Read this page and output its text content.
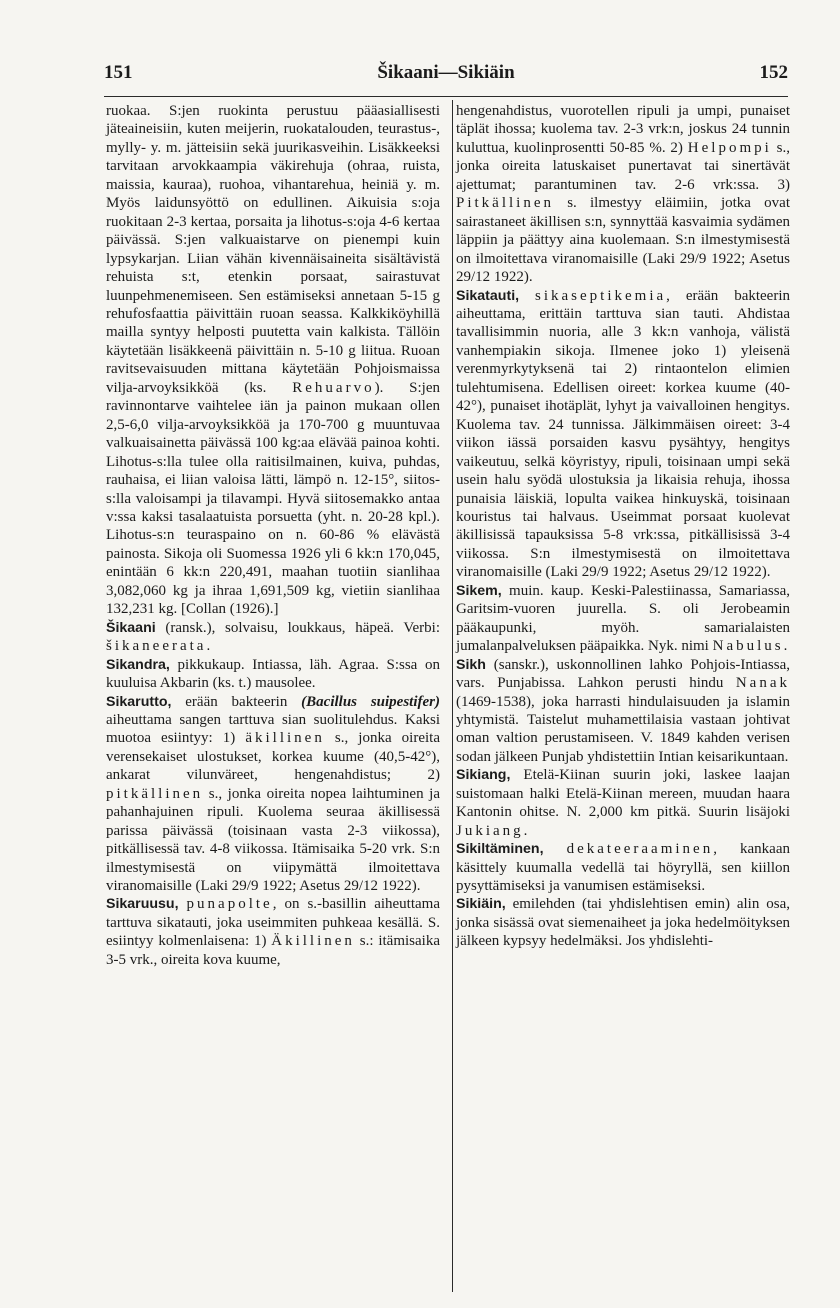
151	Šikaani—Sikiäin	152

ruokaa. S:jen ruokinta perustuu pääasiallisesti jäteaineisiin, kuten meijerin, ruokatalouden, teurastus-, mylly- y. m. jätteisiin sekä juurikasveihin. Lisäkkeeksi tarvitaan arvokkaampia väkirehuja (ohraa, ruista, maissia, kauraa), ruohoa, vihantarehua, heiniä y. m. Myös laidunsyöttö on edullinen. Aikuisia s:oja ruokitaan 2-3 kertaa, porsaita ja lihotus-s:oja 4-6 kertaa päivässä. S:jen valkuaistarve on pienempi kuin lypsykarjan. Liian vähän kivennäisaineita sisältävistä rehuista s:t, etenkin porsaat, sairastuvat luunpehmenemiseen. Sen estämiseksi annetaan 5-15 g rehufosfaattia päivittäin ruoan seassa. Kalkkiköyhillä mailla syntyy helposti puutetta vain kalkista. Tällöin käytetään lisäkkeenä päivittäin n. 5-10 g liitua. Ruoan ravitsevaisuuden mittana käytetään Pohjoismaissa vilja-arvoyksikköä (ks. Rehuarvo). S:jen ravinnontarve vaihtelee iän ja painon mukaan ollen 2,5-6,0 vilja-arvoyksikköä ja 170-700 g muuntuvaa valkuaisainetta päivässä 100 kg:aa elävää painoa kohti. Lihotus-s:lla tulee olla raitisilmainen, kuiva, puhdas, rauhaisa, ei liian valoisa lätti, lämpö n. 12-15°, siitos-s:lla valoisampi ja tilavampi. Hyvä siitosemakko antaa v:ssa kaksi tasalaatuista porsuetta (yht. n. 20-28 kpl.). Lihotus-s:n teuraspaino on n. 60-86 % elävästä painosta. Sikoja oli Suomessa 1926 yli 6 kk:n 170,045, enintään 6 kk:n 220,491, maahan tuotiin sianlihaa 3,082,060 kg ja ihraa 1,691,509 kg, vietiin sianlihaa 132,231 kg. [Collan (1926).]

Šikaani (ransk.), solvaisu, loukkaus, häpeä. Verbi: šikaneerata.

Sikandra, pikkukaup. Intiassa, läh. Agraa. S:ssa on kuuluisa Akbarin (ks. t.) mausolee.

Sikarutto, erään bakteerin (Bacillus suipestifer) aiheuttama sangen tarttuva sian suolitulehdus. Kaksi muotoa esiintyy: 1) äkillinen s., jonka oireita verensekaiset ulostukset, korkea kuume (40,5-42°), ankarat vilunväreet, hengenahdistus; 2) pitkällinen s., jonka oireita nopea laihtuminen ja pahanhajuinen ripuli. Kuolema seuraa äkillisessä parissa päivässä (toisinaan vasta 2-3 viikossa), pitkällisessä tav. 4-8 viikossa. Itämisaika 5-20 vrk. S:n ilmestymisestä on viipymättä ilmoitettava viranomaisille (Laki 29/9 1922; Asetus 29/12 1922).

Sikaruusu, punapolte, on s.-basillin aiheuttama tarttuva sikatauti, joka useimmiten puhkeaa kesällä. S. esiintyy kolmenlaisena: 1) Äkillinen s.: itämisaika 3-5 vrk., oireita kova kuume,

hengenahdistus, vuorotellen ripuli ja umpi, punaiset täplät ihossa; kuolema tav. 2-3 vrk:n, joskus 24 tunnin kuluttua, kuolinprosentti 50-85 %. 2) Helpompi s., jonka oireita latuskaiset punertavat tai sinertävät ajettumat; parantuminen tav. 2-6 vrk:ssa. 3) Pitkällinen s. ilmestyy eläimiin, jotka ovat sairastaneet äkillisen s:n, synnyttää kasvaimia sydämen läppiin ja päättyy aina kuolemaan. S:n ilmestymisestä on ilmoitettava viranomaisille (Laki 29/9 1922; Asetus 29/12 1922).

Sikatauti, sikaseptikemia, erään bakteerin aiheuttama, erittäin tarttuva sian tauti. Ahdistaa tavallisimmin nuoria, alle 3 kk:n vanhoja, välistä vanhempiakin sikoja. Ilmenee joko 1) yleisenä verenmyrkytyksenä tai 2) rintaontelon elimien tulehtumisena. Edellisen oireet: korkea kuume (40-42°), punaiset ihotäplät, lyhyt ja vaivalloinen hengitys. Kuolema tav. 24 tunnissa. Jälkimmäisen oireet: 3-4 viikon iässä porsaiden kasvu pysähtyy, hengitys vaikeutuu, selkä köyristyy, ripuli, toisinaan umpi sekä usein halu syödä ulostuksia ja likaisia rehuja, ihossa punaisia läiskiä, lopulta vaikea hinkuyskä, toisinaan kouristus tai halvaus. Useimmat porsaat kuolevat äkillisissä tapauksissa 5-8 vrk:ssa, pitkällisissä 3-4 viikossa. S:n ilmestymisestä on ilmoitettava viranomaisille (Laki 29/9 1922; Asetus 29/12 1922).

Sikem, muin. kaup. Keski-Palestiinassa, Samariassa, Garitsim-vuoren juurella. S. oli Jerobeamin pääkaupunki, myöh. samarialaisten jumalanpalveluksen pääpaikka. Nyk. nimi Nabulus.

Sikh (sanskr.), uskonnollinen lahko Pohjois-Intiassa, vars. Punjabissa. Lahkon perusti hindu Nanak (1469-1538), joka harrasti hindulaisuuden ja islamin yhtymistä. Taistelut muhamettilaisia vastaan johtivat oman valtion perustamiseen. V. 1849 kahden verisen sodan jälkeen Punjab yhdistettiin Intian keisarikuntaan.

Sikiang, Etelä-Kiinan suurin joki, laskee laajan suistomaan halki Etelä-Kiinan mereen, muudan haara Kantonin ohitse. N. 2,000 km pitkä. Suurin lisäjoki Jukiang.

Sikiltäminen, dekateeraaminen, kankaan käsittely kuumalla vedellä tai höyryllä, sen kiillon pysyttämiseksi ja vanumisen estämiseksi.

Sikiäin, emilehden (tai yhdislehtisen emin) alin osa, jonka sisässä ovat siemenaiheet ja joka hedelmöityksen jälkeen kypsyy hedelmäksi. Jos yhdislehti-
